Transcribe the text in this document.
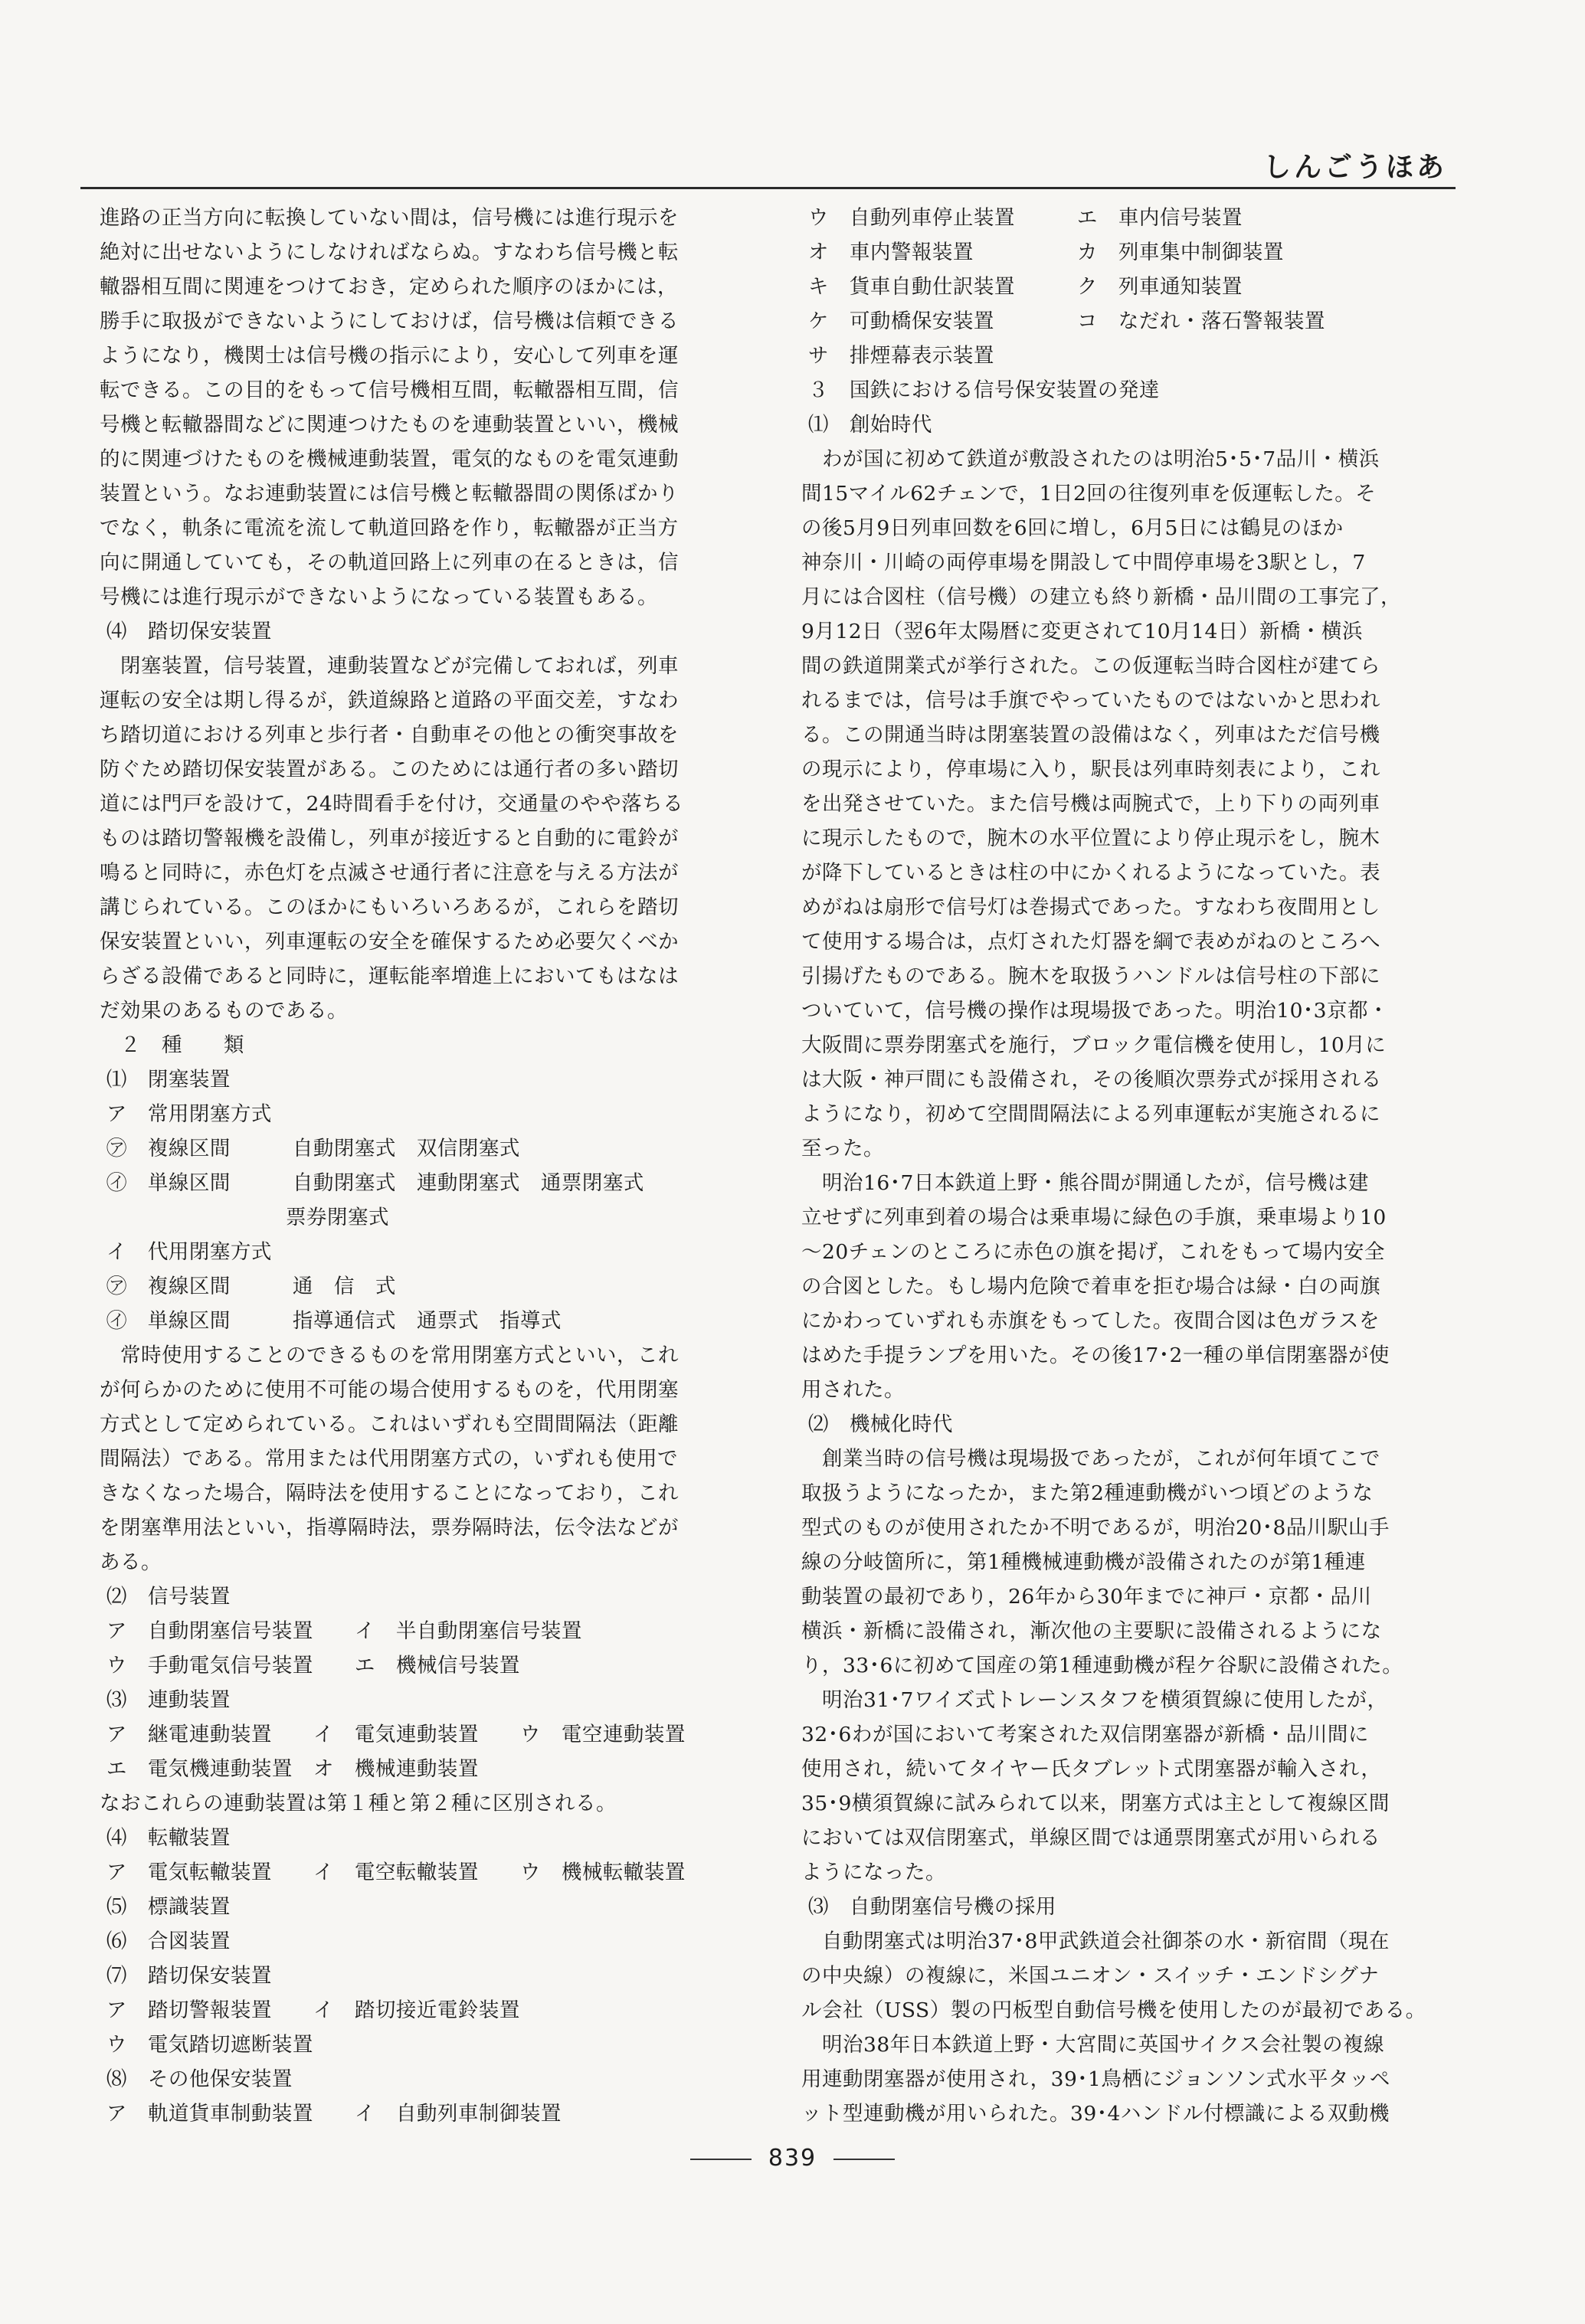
しんごうほあ
進路の正当方向に転換していない間は，信号機には進行現示を
絶対に出せないようにしなければならぬ。すなわち信号機と転
轍器相互間に関連をつけておき，定められた順序のほかには，
勝手に取扱ができないようにしておけば，信号機は信頼できる
ようになり，機関士は信号機の指示により，安心して列車を運
転できる。この目的をもって信号機相互間，転轍器相互間，信
号機と転轍器間などに関連つけたものを連動装置といい，機械
的に関連づけたものを機械連動装置，電気的なものを電気連動
装置という。なお連動装置には信号機と転轍器間の関係ばかり
でなく，軌条に電流を流して軌道回路を作り，転轍器が正当方
向に開通していても，その軌道回路上に列車の在るときは，信
号機には進行現示ができないようになっている装置もある。
⑷　踏切保安装置
　閉塞装置，信号装置，連動装置などが完備しておれば，列車
運転の安全は期し得るが，鉄道線路と道路の平面交差，すなわ
ち踏切道における列車と歩行者・自動車その他との衝突事故を
防ぐため踏切保安装置がある。このためには通行者の多い踏切
道には門戸を設けて，24時間看手を付け，交通量のやや落ちる
ものは踏切警報機を設備し，列車が接近すると自動的に電鈴が
鳴ると同時に，赤色灯を点滅させ通行者に注意を与える方法が
講じられている。このほかにもいろいろあるが，これらを踏切
保安装置といい，列車運転の安全を確保するため必要欠くべか
らざる設備であると同時に，運転能率増進上においてもはなは
だ効果のあるものである。
　２　種　　類
⑴　閉塞装置
ア　常用閉塞方式
㋐　複線区間　　　自動閉塞式　双信閉塞式
㋑　単線区間　　　自動閉塞式　連動閉塞式　通票閉塞式
　　　　　　　　　票券閉塞式
イ　代用閉塞方式
㋐　複線区間　　　通　信　式
㋑　単線区間　　　指導通信式　通票式　指導式
　常時使用することのできるものを常用閉塞方式といい，これ
が何らかのために使用不可能の場合使用するものを，代用閉塞
方式として定められている。これはいずれも空間間隔法（距離
間隔法）である。常用または代用閉塞方式の，いずれも使用で
きなくなった場合，隔時法を使用することになっており，これ
を閉塞準用法といい，指導隔時法，票券隔時法，伝令法などが
ある。
⑵　信号装置
ア　自動閉塞信号装置　　イ　半自動閉塞信号装置
ウ　手動電気信号装置　　エ　機械信号装置
⑶　連動装置
ア　継電連動装置　　イ　電気連動装置　　ウ　電空連動装置
エ　電気機連動装置　オ　機械連動装置
なおこれらの連動装置は第１種と第２種に区別される。
⑷　転轍装置
ア　電気転轍装置　　イ　電空転轍装置　　ウ　機械転轍装置
⑸　標識装置
⑹　合図装置
⑺　踏切保安装置
ア　踏切警報装置　　イ　踏切接近電鈴装置
ウ　電気踏切遮断装置
⑻　その他保安装置
ア　軌道貨車制動装置　　イ　自動列車制御装置
ウ　自動列車停止装置　　　エ　車内信号装置
オ　車内警報装置　　　　　カ　列車集中制御装置
キ　貨車自動仕訳装置　　　ク　列車通知装置
ケ　可動橋保安装置　　　　コ　なだれ・落石警報装置
サ　排煙幕表示装置
３　国鉄における信号保安装置の発達
⑴　創始時代
　わが国に初めて鉄道が敷設されたのは明治5･5･7品川・横浜
間15マイル62チェンで，1日2回の往復列車を仮運転した。そ
の後5月9日列車回数を6回に増し，6月5日には鶴見のほか
神奈川・川崎の両停車場を開設して中間停車場を3駅とし，7
月には合図柱（信号機）の建立も終り新橋・品川間の工事完了，
9月12日（翌6年太陽暦に変更されて10月14日）新橋・横浜
間の鉄道開業式が挙行された。この仮運転当時合図柱が建てら
れるまでは，信号は手旗でやっていたものではないかと思われ
る。この開通当時は閉塞装置の設備はなく，列車はただ信号機
の現示により，停車場に入り，駅長は列車時刻表により，これ
を出発させていた。また信号機は両腕式で，上り下りの両列車
に現示したもので，腕木の水平位置により停止現示をし，腕木
が降下しているときは柱の中にかくれるようになっていた。表
めがねは扇形で信号灯は巻揚式であった。すなわち夜間用とし
て使用する場合は，点灯された灯器を綱で表めがねのところへ
引揚げたものである。腕木を取扱うハンドルは信号柱の下部に
ついていて，信号機の操作は現場扱であった。明治10･3京都・
大阪間に票券閉塞式を施行，ブロック電信機を使用し，10月に
は大阪・神戸間にも設備され，その後順次票券式が採用される
ようになり，初めて空間間隔法による列車運転が実施されるに
至った。
　明治16･7日本鉄道上野・熊谷間が開通したが，信号機は建
立せずに列車到着の場合は乗車場に緑色の手旗，乗車場より10
～20チェンのところに赤色の旗を掲げ，これをもって場内安全
の合図とした。もし場内危険で着車を拒む場合は緑・白の両旗
にかわっていずれも赤旗をもってした。夜間合図は色ガラスを
はめた手提ランプを用いた。その後17･2一種の単信閉塞器が使
用された。
⑵　機械化時代
　創業当時の信号機は現場扱であったが，これが何年頃てこで
取扱うようになったか，また第2種連動機がいつ頃どのような
型式のものが使用されたか不明であるが，明治20･8品川駅山手
線の分岐箇所に，第1種機械連動機が設備されたのが第1種連
動装置の最初であり，26年から30年までに神戸・京都・品川
横浜・新橋に設備され，漸次他の主要駅に設備されるようにな
り，33･6に初めて国産の第1種連動機が程ケ谷駅に設備された。
　明治31･7ワイズ式トレーンスタフを横須賀線に使用したが，
32･6わが国において考案された双信閉塞器が新橋・品川間に
使用され，続いてタイヤー氏タブレット式閉塞器が輸入され，
35･9横須賀線に試みられて以来，閉塞方式は主として複線区間
においては双信閉塞式，単線区間では通票閉塞式が用いられる
ようになった。
⑶　自動閉塞信号機の採用
　自動閉塞式は明治37･8甲武鉄道会社御茶の水・新宿間（現在
の中央線）の複線に，米国ユニオン・スイッチ・エンドシグナ
ル会社（USS）製の円板型自動信号機を使用したのが最初である。
　明治38年日本鉄道上野・大宮間に英国サイクス会社製の複線
用連動閉塞器が使用され，39･1鳥栖にジョンソン式水平タッペ
ット型連動機が用いられた。39･4ハンドル付標識による双動機
839
